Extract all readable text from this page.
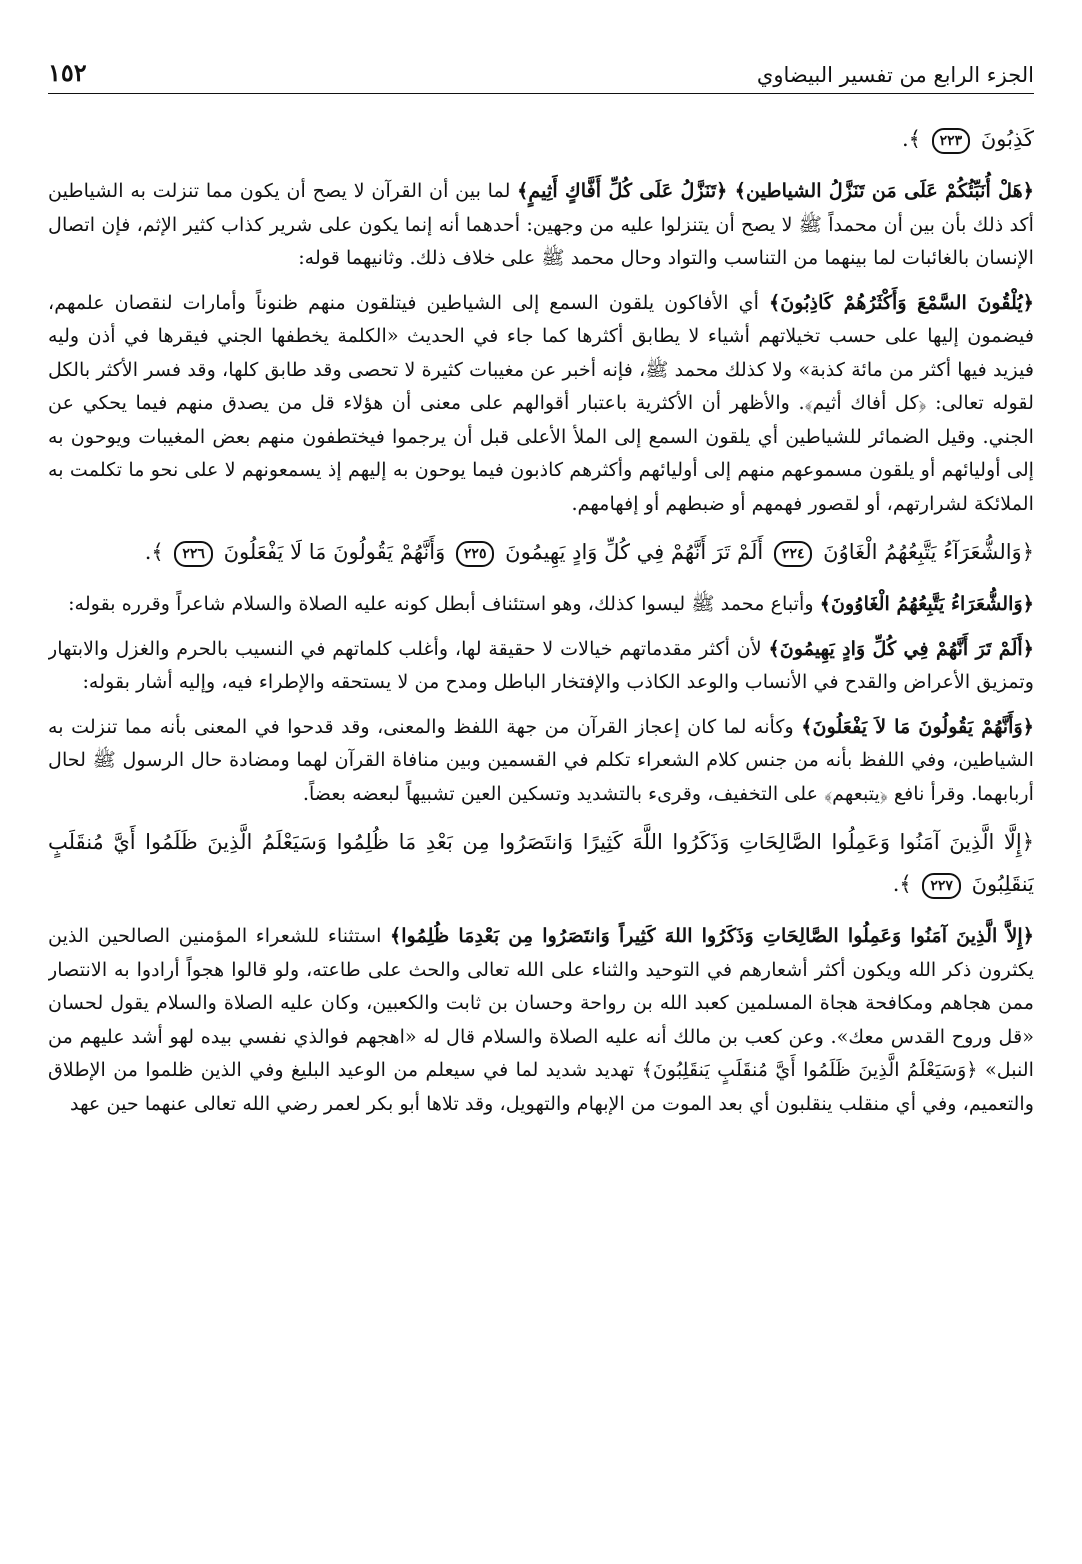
الجزء الرابع من تفسير البيضاوي
١٥٢

كَذِبُونَ ٢٢٣ ﴾.

﴿هَلْ أُنَبِّئُكُمْ عَلَى مَن تَنَزَّلُ الشياطين﴾ ﴿تَنَزَّلُ عَلَى كُلِّ أَفَّاكٍ أَثِيمٍ﴾ لما بين أن القرآن لا يصح أن يكون مما تنزلت به الشياطين أكد ذلك بأن بين أن محمداً ﷺ لا يصح أن يتنزلوا عليه من وجهين: أحدهما أنه إنما يكون على شرير كذاب كثير الإثم، فإن اتصال الإنسان بالغائبات لما بينهما من التناسب والتواد وحال محمد ﷺ على خلاف ذلك. وثانيهما قوله:

﴿يُلْقُونَ السَّمْعَ وَأَكْثَرُهُمْ كَاذِبُونَ﴾ أي الأفاكون يلقون السمع إلى الشياطين فيتلقون منهم ظنوناً وأمارات لنقصان علمهم، فيضمون إليها على حسب تخيلاتهم أشياء لا يطابق أكثرها كما جاء في الحديث «الكلمة يخطفها الجني فيقرها في أذن وليه فيزيد فيها أكثر من مائة كذبة» ولا كذلك محمد ﷺ، فإنه أخبر عن مغيبات كثيرة لا تحصى وقد طابق كلها، وقد فسر الأكثر بالكل لقوله تعالى: ﴿كل أفاك أثيم﴾. والأظهر أن الأكثرية باعتبار أقوالهم على معنى أن هؤلاء قل من يصدق منهم فيما يحكي عن الجني. وقيل الضمائر للشياطين أي يلقون السمع إلى الملأ الأعلى قبل أن يرجموا فيختطفون منهم بعض المغيبات ويوحون به إلى أوليائهم أو يلقون مسموعهم منهم إلى أوليائهم وأكثرهم كاذبون فيما يوحون به إليهم إذ يسمعونهم لا على نحو ما تكلمت به الملائكة لشرارتهم، أو لقصور فهمهم أو ضبطهم أو إفهامهم.

﴿وَالشُّعَرَآءُ يَتَّبِعُهُمُ الْغَاوُنَ ٢٢٤ أَلَمْ تَرَ أَنَّهُمْ فِي كُلِّ وَادٍ يَهِيمُونَ ٢٢٥ وَأَنَّهُمْ يَقُولُونَ مَا لَا يَفْعَلُونَ ٢٢٦ ﴾.

﴿وَالشُّعَرَاءُ يَتَّبِعُهُمُ الْغَاوُونَ﴾ وأتباع محمد ﷺ ليسوا كذلك، وهو استئناف أبطل كونه عليه الصلاة والسلام شاعراً وقرره بقوله:

﴿أَلَمْ تَرَ أَنَّهُمْ فِي كُلِّ وَادٍ يَهِيمُونَ﴾ لأن أكثر مقدماتهم خيالات لا حقيقة لها، وأغلب كلماتهم في النسيب بالحرم والغزل والابتهار وتمزيق الأعراض والقدح في الأنساب والوعد الكاذب والإفتخار الباطل ومدح من لا يستحقه والإطراء فيه، وإليه أشار بقوله:

﴿وَأَنَّهُمْ يَقُولُونَ مَا لاَ يَفْعَلُونَ﴾ وكأنه لما كان إعجاز القرآن من جهة اللفظ والمعنى، وقد قدحوا في المعنى بأنه مما تنزلت به الشياطين، وفي اللفظ بأنه من جنس كلام الشعراء تكلم في القسمين وبين منافاة القرآن لهما ومضادة حال الرسول ﷺ لحال أربابهما. وقرأ نافع ﴿يتبعهم﴾ على التخفيف، وقرىء بالتشديد وتسكين العين تشبيهاً لبعضه بعضاً.

﴿إِلَّا الَّذِينَ آمَنُوا وَعَمِلُوا الصَّالِحَاتِ وَذَكَرُوا اللَّهَ كَثِيرًا وَانتَصَرُوا مِن بَعْدِ مَا ظُلِمُوا وَسَيَعْلَمُ الَّذِينَ ظَلَمُوا أَيَّ مُنقَلَبٍ يَنقَلِبُونَ ٢٢٧ ﴾.

﴿إِلاَّ الَّذِينَ آمَنُوا وَعَمِلُوا الصَّالِحَاتِ وَذَكَرُوا اللهَ كَثِيراً وَانتَصَرُوا مِن بَعْدِمَا ظُلِمُوا﴾ استثناء للشعراء المؤمنين الصالحين الذين يكثرون ذكر الله ويكون أكثر أشعارهم في التوحيد والثناء على الله تعالى والحث على طاعته، ولو قالوا هجواً أرادوا به الانتصار ممن هجاهم ومكافحة هجاة المسلمين كعبد الله بن رواحة وحسان بن ثابت والكعبين، وكان عليه الصلاة والسلام يقول لحسان «قل وروح القدس معك». وعن كعب بن مالك أنه عليه الصلاة والسلام قال له «اهجهم فوالذي نفسي بيده لهو أشد عليهم من النبل» ﴿وَسَيَعْلَمُ الَّذِينَ ظَلَمُوا أَيَّ مُنقَلَبٍ يَنقَلِبُونَ﴾ تهديد شديد لما في سيعلم من الوعيد البليغ وفي الذين ظلموا من الإطلاق والتعميم، وفي أي منقلب ينقلبون أي بعد الموت من الإبهام والتهويل، وقد تلاها أبو بكر لعمر رضي الله تعالى عنهما حين عهد
